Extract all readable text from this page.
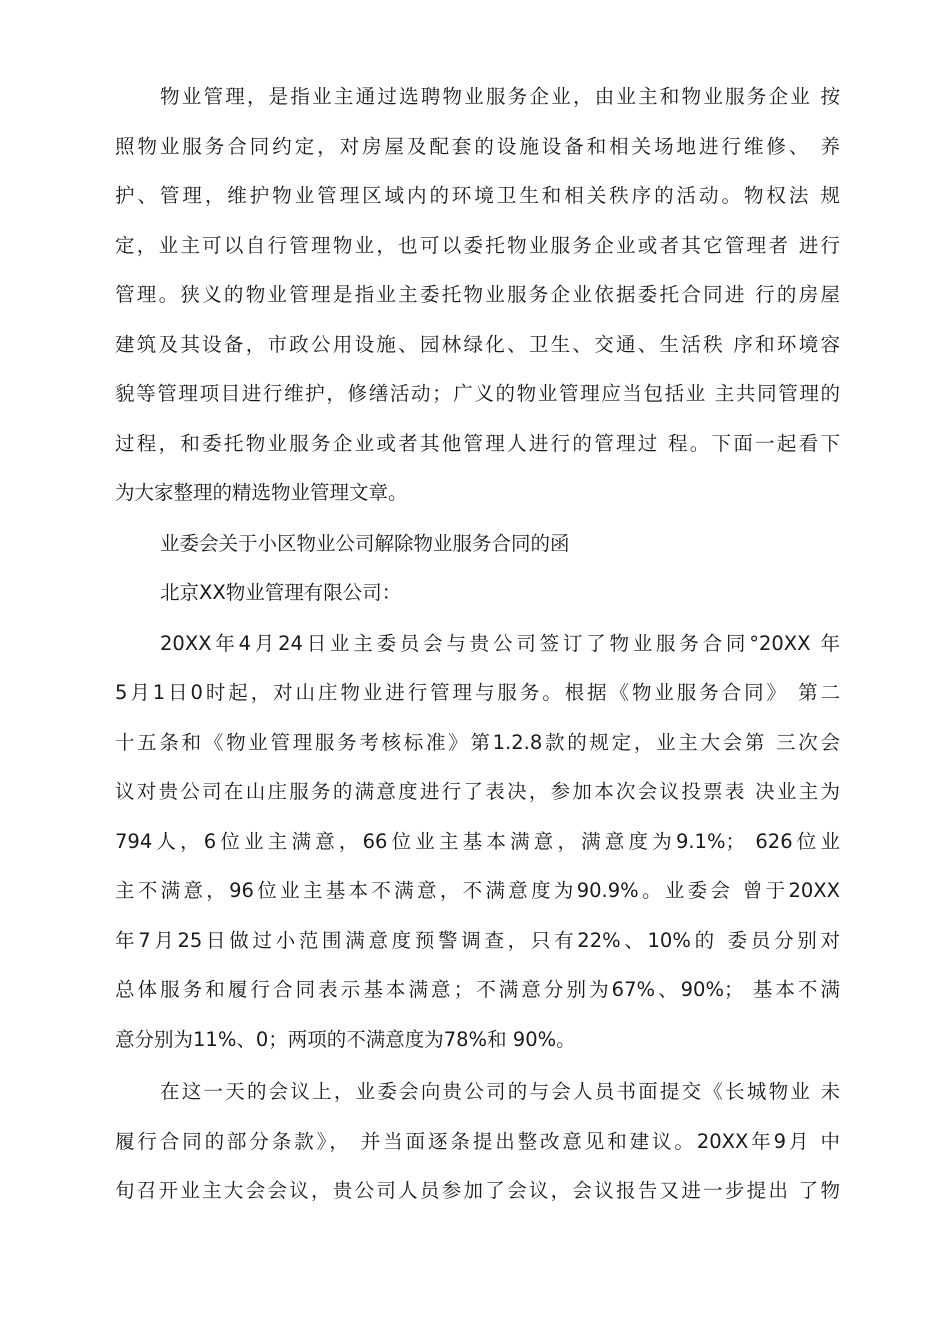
物业管理，是指业主通过选聘物业服务企业，由业主和物业服务企业 按
照物业服务合同约定，对房屋及配套的设施设备和相关场地进行维修、 养
护、管理，维护物业管理区域内的环境卫生和相关秩序的活动。物权法 规
定，业主可以自行管理物业，也可以委托物业服务企业或者其它管理者 进行
管理。狭义的物业管理是指业主委托物业服务企业依据委托合同进 行的房屋
建筑及其设备，市政公用设施、园林绿化、卫生、交通、生活秩 序和环境容
貌等管理项目进行维护，修缮活动；广义的物业管理应当包括业 主共同管理的
过程，和委托物业服务企业或者其他管理人进行的管理过 程。下面一起看下
为大家整理的精选物业管理文章。
业委会关于小区物业公司解除物业服务合同的函
北京XX物业管理有限公司：
20XX年4月24日业主委员会与贵公司签订了物业服务合同°20XX 年
5月1日0时起，对山庄物业进行管理与服务。根据《物业服务合同》 第二
十五条和《物业管理服务考核标准》第1.2.8款的规定，业主大会第 三次会
议对贵公司在山庄服务的满意度进行了表决，参加本次会议投票表 决业主为
794人，6位业主满意，66位业主基本满意，满意度为9.1%； 626位业
主不满意，96位业主基本不满意，不满意度为90.9%。业委会 曾于20XX
年7月25日做过小范围满意度预警调查，只有22%、10%的 委员分别对
总体服务和履行合同表示基本满意；不满意分别为67%、90%； 基本不满
意分别为11%、0；两项的不满意度为78%和 90%。
在这一天的会议上，业委会向贵公司的与会人员书面提交《长城物业 未
履行合同的部分条款》， 并当面逐条提出整改意见和建议。20XX年9月 中
旬召开业主大会会议，贵公司人员参加了会议，会议报告又进一步提出 了物
